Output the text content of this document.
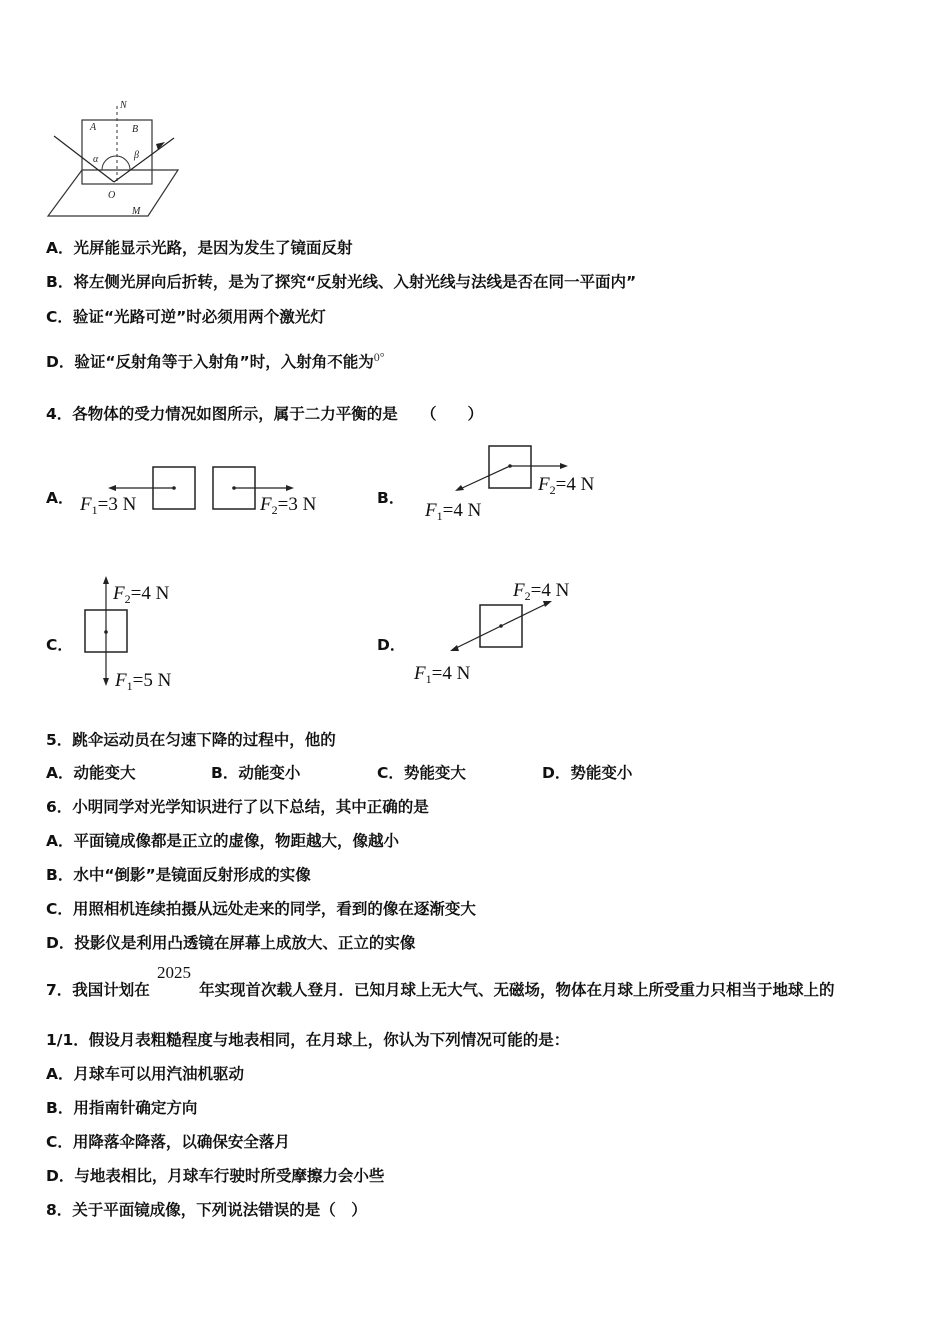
N
A	B
α	β
O
M
A．光屏能显示光路，是因为发生了镜面反射
B．将左侧光屏向后折转，是为了探究“反射光线、入射光线与法线是否在同一平面内”
C．验证“光路可逆”时必须用两个激光灯
D．验证“反射角等于入射角”时，入射角不能为$^{0^\circ}$
4．各物体的受力情况如图所示，属于二力平衡的是　　（　　）
A． $F_1=3$ N	$F_2=3$ N	B．
$F_2=4$ N
$F_1=4$ N
C．
$F_2=4$ N
$F_1=5$ N
D．
$F_2=4$ N
$F_1=4$ N
5．跳伞运动员在匀速下降的过程中，他的
A．动能变大	B．动能变小	C．势能变大	D．势能变小
6．小明同学对光学知识进行了以下总结，其中正确的是
A．平面镜成像都是正立的虚像，物距越大，像越小
B．水中“倒影”是镜面反射形成的实像
C．用照相机连续拍摄从远处走来的同学，看到的像在逐渐变大
D．投影仪是利用凸透镜在屏幕上成放大、正立的实像
7．我国计划在
2025
年实现首次载人登月．已知月球上无大气、无磁场，物体在月球上所受重力只相当于地球上的
1/1．假设月表粗糙程度与地表相同，在月球上，你认为下列情况可能的是：
A．月球车可以用汽油机驱动
B．用指南针确定方向
C．用降落伞降落，以确保安全落月
D．与地表相比，月球车行驶时所受摩擦力会小些
8．关于平面镜成像，下列说法错误的是（　）
